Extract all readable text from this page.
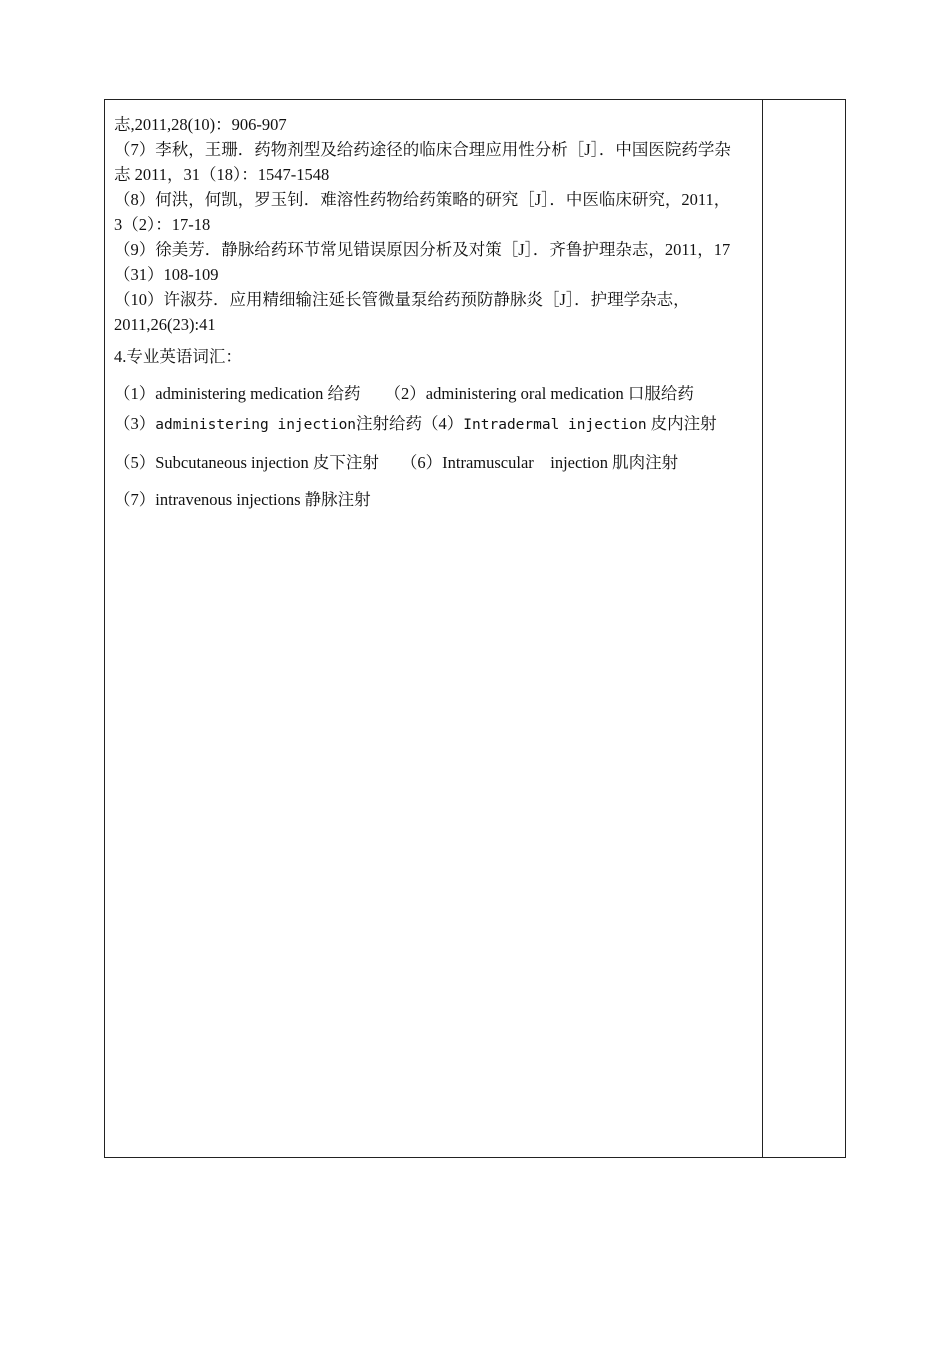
志,2011,28(10)：906-907
（7）李秋，王珊．药物剂型及给药途径的临床合理应用性分析［J］．中国医院药学杂
志 2011，31（18）：1547-1548
（8）何洪，何凯，罗玉钊．难溶性药物给药策略的研究［J］．中医临床研究，2011，
3（2）：17-18
（9）徐美芳．静脉给药环节常见错误原因分析及对策［J］．齐鲁护理杂志，2011，17
（31）108-109
（10）许淑芬．应用精细输注延长管微量泵给药预防静脉炎［J］．护理学杂志，
2011,26(23):41
4.专业英语词汇：
（1）administering medication 给药 （2）administering oral medication 口服给药
（3）administering injection注射给药（4）Intradermal injection 皮内注射
（5）Subcutaneous injection 皮下注射 （6）Intramuscular　injection 肌肉注射
（7）intravenous injections 静脉注射
